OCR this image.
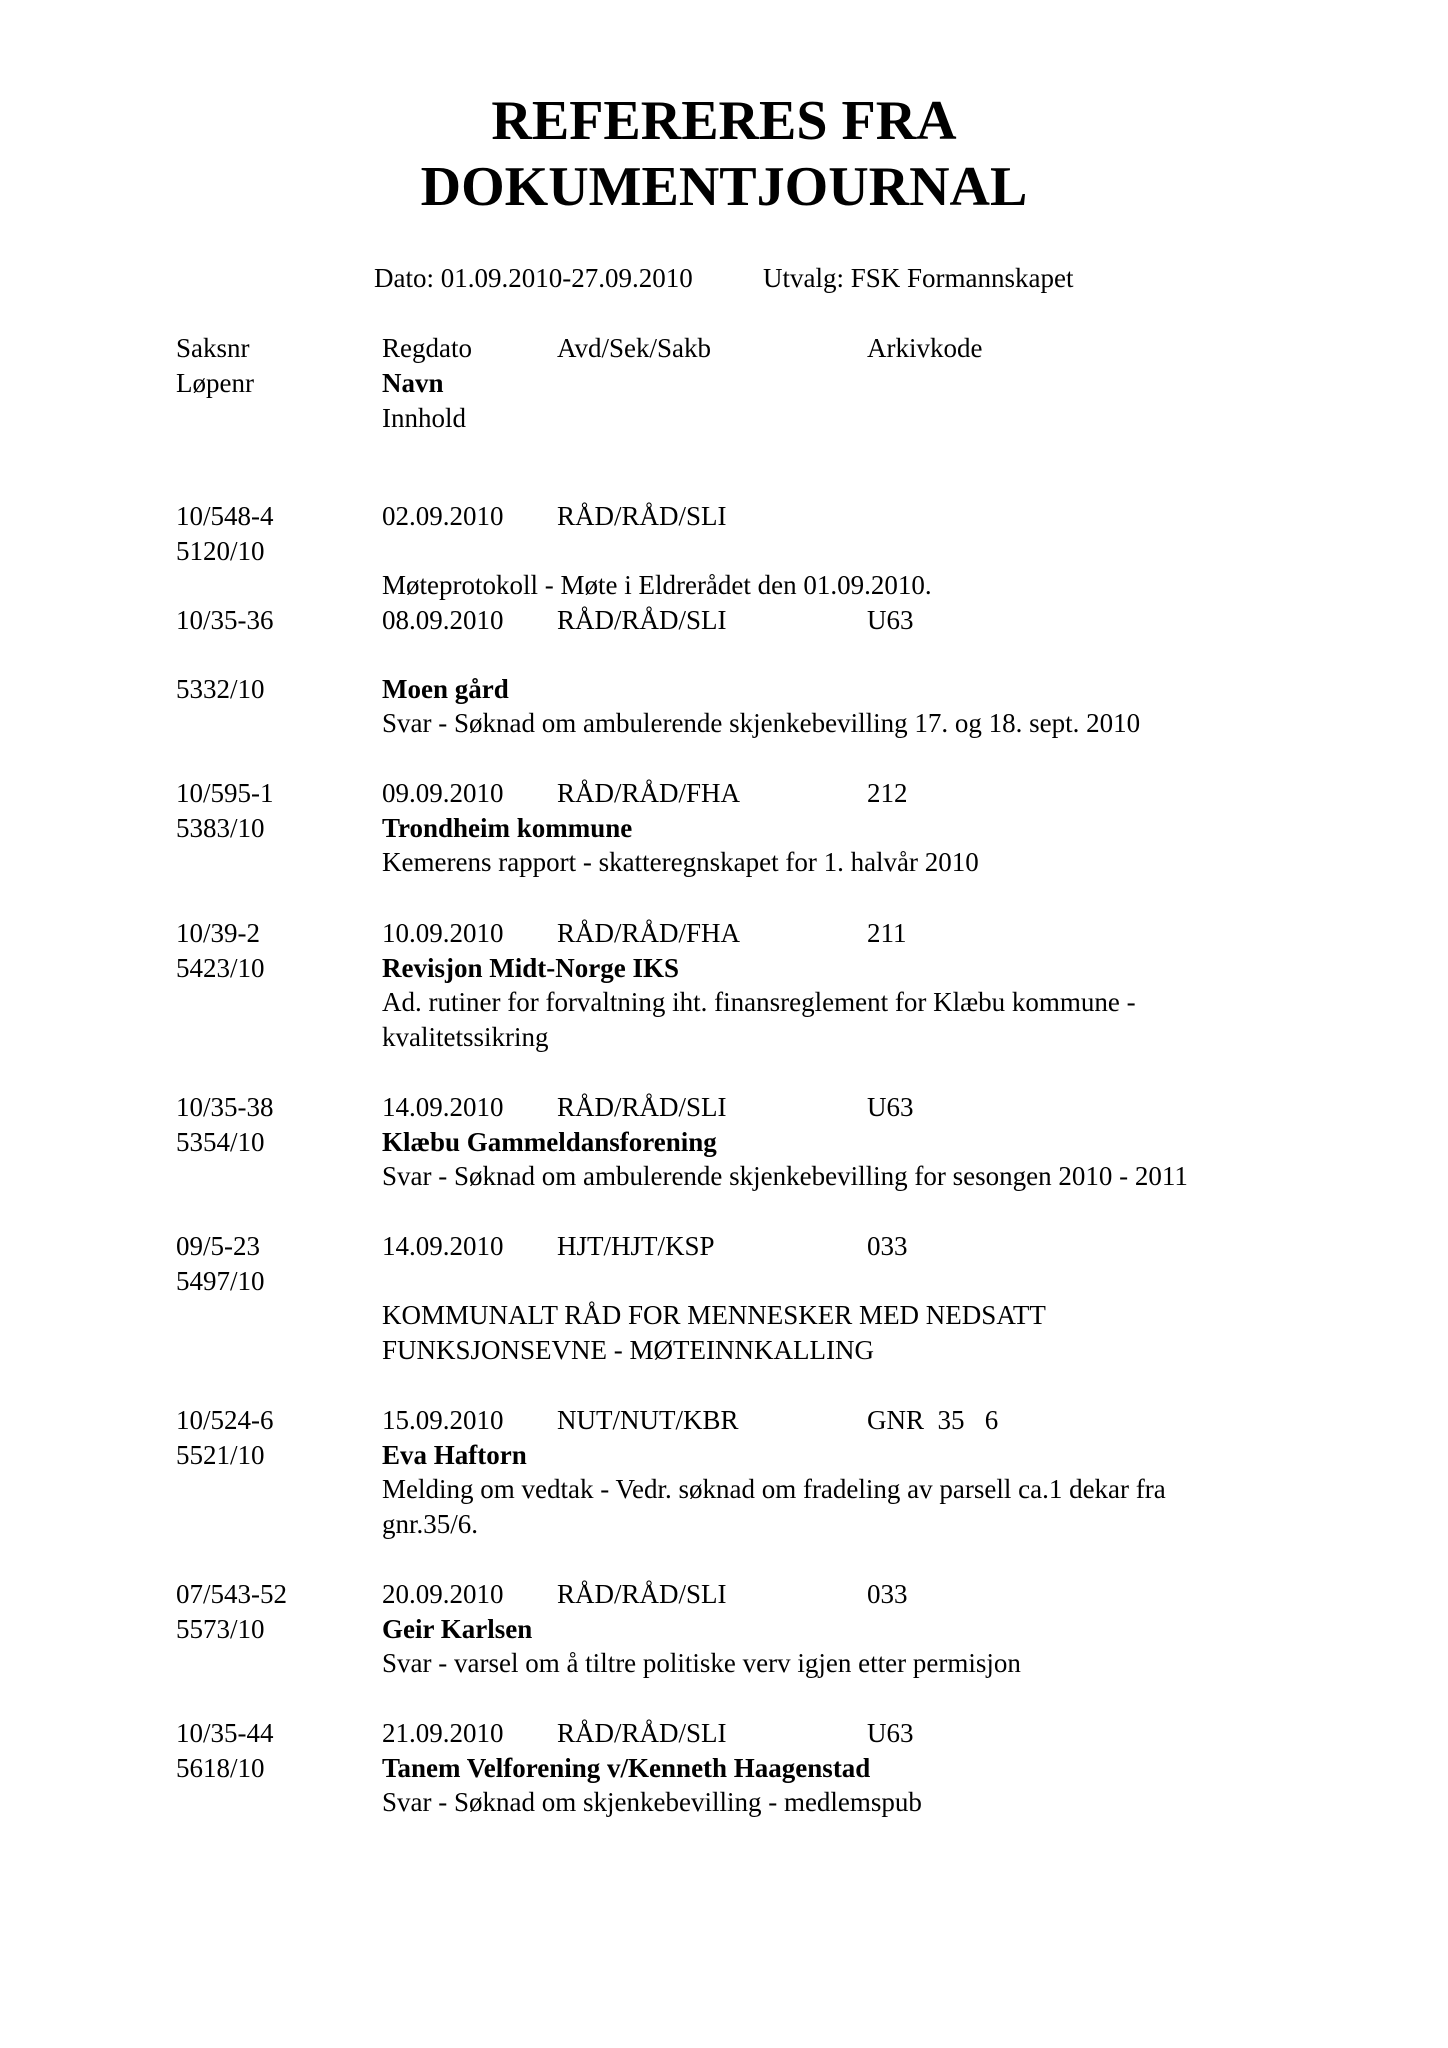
REFERERES FRA
DOKUMENTJOURNAL
Dato: 01.09.2010-27.09.2010	Utvalg: FSK Formannskapet
Saksnr	Regdato	Avd/Sek/Sakb	Arkivkode
Løpenr	Navn
Innhold
10/548-4	02.09.2010 RÅD/RÅD/SLI
5120/10
Møteprotokoll - Møte i Eldrerådet den 01.09.2010.
10/35-36	08.09.2010 RÅD/RÅD/SLI	U63
5332/10	Moen gård
Svar - Søknad om ambulerende skjenkebevilling 17. og 18. sept. 2010
10/595-1	09.09.2010 RÅD/RÅD/FHA	212
5383/10	Trondheim kommune
Kemerens rapport - skatteregnskapet for 1. halvår 2010
10/39-2	10.09.2010 RÅD/RÅD/FHA	211
5423/10	Revisjon Midt-Norge IKS
Ad. rutiner for forvaltning iht. finansreglement for Klæbu kommune - kvalitetssikring
10/35-38	14.09.2010 RÅD/RÅD/SLI	U63
5354/10	Klæbu Gammeldansforening
Svar - Søknad om ambulerende skjenkebevilling for sesongen 2010 - 2011
09/5-23	14.09.2010 HJT/HJT/KSP	033
5497/10
KOMMUNALT RÅD FOR MENNESKER MED NEDSATT FUNKSJONSEVNE - MØTEINNKALLING
10/524-6	15.09.2010 NUT/NUT/KBR	GNR  35   6
5521/10	Eva Haftorn
Melding om vedtak - Vedr. søknad om fradeling av parsell ca.1 dekar fra gnr.35/6.
07/543-52	20.09.2010 RÅD/RÅD/SLI	033
5573/10	Geir Karlsen
Svar - varsel om å tiltre politiske verv igjen etter permisjon
10/35-44	21.09.2010 RÅD/RÅD/SLI	U63
5618/10	Tanem Velforening v/Kenneth Haagenstad
Svar - Søknad om skjenkebevilling - medlemspub
